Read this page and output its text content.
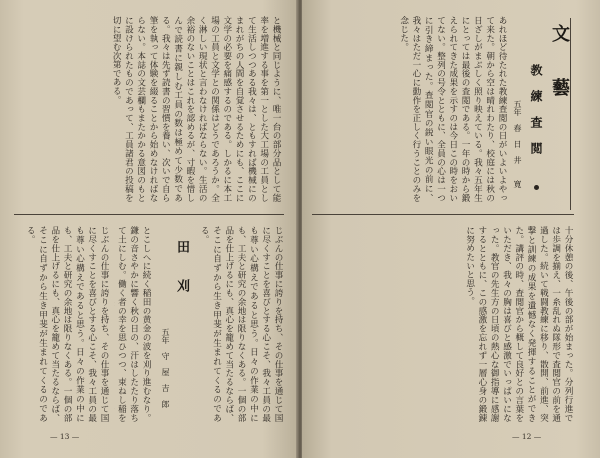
と機械と同じように、唯一台の部分品として能率を増進する事を第一とした大工場の工員として生活しつつある我々は、ともすれば機械にのまれがちの人間を自覚させるためにも、ここに文学の必要を痛感するのである。しかるに本工場の工員と文学との関係はどうであろうか。全く淋しい現状と言わなければならない。生活の余裕のないことはこれを認めるが、寸暇を惜しんで読書に親しむ工員の数は極めて少数である。我々は先ず読書の習慣を養い、次いで自ら筆を執って体験を綴ることから始めなければならない。本誌の文芸欄もまたかかる意図のもとに設けられたものであって、工員諸君の投稿を切に望む次第である。
じぶんの仕事に誇りを持ち、その仕事を通じて国に尽くすことを喜びとする心こそ、我々工員の最も尊い心構えであると思う。日々の作業の中にも、工夫と研究の余地は限りなくある。一個の部品を仕上げるにも、真心を籠めて当たるならば、そこに自ずから生き甲斐が生まれてくるのである。	とこしへに続く稲田の黄金の波を刈り進むなり。鎌の音さやかに響く秋の日の、汗はしたたり落ちて土にしむ。働く者の幸を思ひつつ、束ねし稲を
田　　刈
五年　守　屋　吉　郎	じぶんの仕事に誇りを持ち、その仕事を通じて国に尽くすことを喜びとする心こそ、我々工員の最も尊い心構えであると思う。日々の作業の中にも、工夫と研究の余地は限りなくある。一個の部品を仕上げるにも、真心を籠めて当たるならば、そこに自ずから生き甲斐が生まれてくるのである。
— 13 —
あれほど待たれた教練査閲の日がいよいよやって来た。朝から空は晴れわたり、校庭には秋の日ざしがまぶしく照り映えている。我々五年生にとっては最後の査閲である。一年の時から鍛えられてきた成果を示すのは今日この時をおいてない。整列の号令とともに、全員の心は一つに引き締まった。査閲官の鋭い眼光の前に、我々はただ一心に動作を正しく行うことのみを念じた。
五年　春　日　井　　寛 教　練　査　閲
文　　藝
十分休憩の後、午後の部が始まった。分列行進では歩調を揃え、一糸乱れぬ隊形で査閲官の前を通過した。続いて戦闘教練に移り、散開、前進、突撃と訓練の成果を遺憾なく発揮することができた。講評の時、査閲官から概して良好との言葉をいただき、我々の胸は喜びと感激でいっぱいになった。教官の先生方の日頃の熱心な御指導に感謝するとともに、この感激を忘れず一層心身の鍛錬に努めたいと思う。
— 12 —
